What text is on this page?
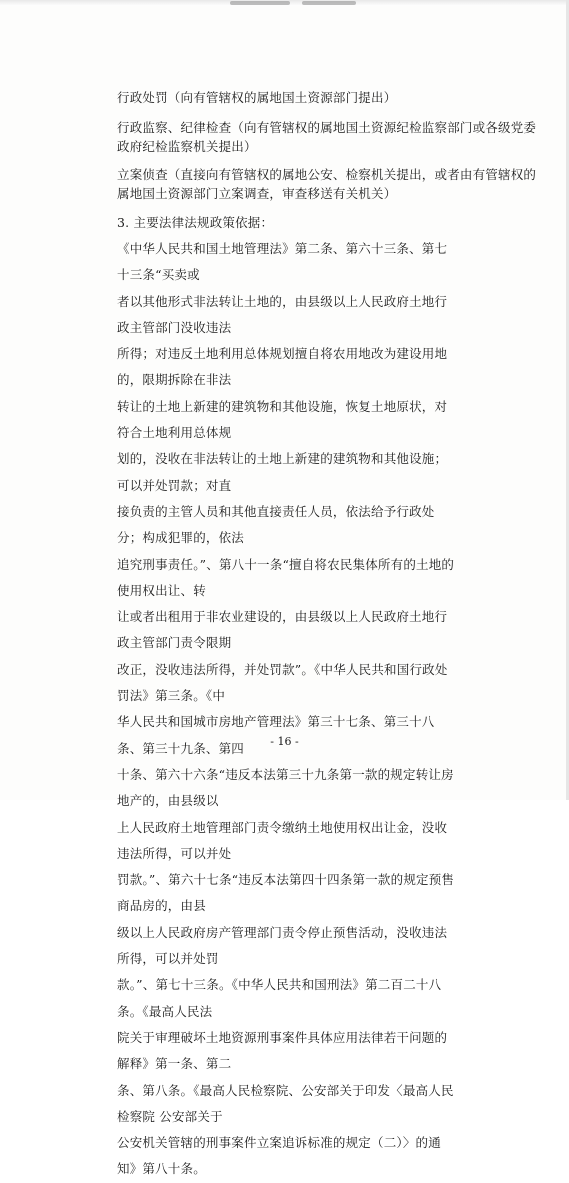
行政处罚（向有管辖权的属地国土资源部门提出）
行政监察、纪律检查（向有管辖权的属地国土资源纪检监察部门或各级党委
政府纪检监察机关提出）
立案侦查（直接向有管辖权的属地公安、检察机关提出，或者由有管辖权的
属地国土资源部门立案调查，审查移送有关机关）
3. 主要法律法规政策依据：
《中华人民共和国土地管理法》第二条、第六十三条、第七十三条“买卖或
者以其他形式非法转让土地的，由县级以上人民政府土地行政主管部门没收违法
所得；对违反土地利用总体规划擅自将农用地改为建设用地的，限期拆除在非法
转让的土地上新建的建筑物和其他设施，恢复土地原状，对符合土地利用总体规
划的，没收在非法转让的土地上新建的建筑物和其他设施；可以并处罚款；对直
接负责的主管人员和其他直接责任人员，依法给予行政处分；构成犯罪的，依法
追究刑事责任。”、第八十一条“擅自将农民集体所有的土地的使用权出让、转
让或者出租用于非农业建设的，由县级以上人民政府土地行政主管部门责令限期
改正，没收违法所得，并处罚款”。《中华人民共和国行政处罚法》第三条。《中
华人民共和国城市房地产管理法》第三十七条、第三十八条、第三十九条、第四
十条、第六十六条“违反本法第三十九条第一款的规定转让房地产的，由县级以
上人民政府土地管理部门责令缴纳土地使用权出让金，没收违法所得，可以并处
罚款。”、第六十七条“违反本法第四十四条第一款的规定预售商品房的，由县
级以上人民政府房产管理部门责令停止预售活动，没收违法所得，可以并处罚
款。”、第七十三条。《中华人民共和国刑法》第二百二十八条。《最高人民法
院关于审理破坏土地资源刑事案件具体应用法律若干问题的解释》第一条、第二
条、第八条。《最高人民检察院、公安部关于印发〈最高人民检察院 公安部关于
公安机关管辖的刑事案件立案追诉标准的规定（二）〉的通知》第八十条。
- 16 -
